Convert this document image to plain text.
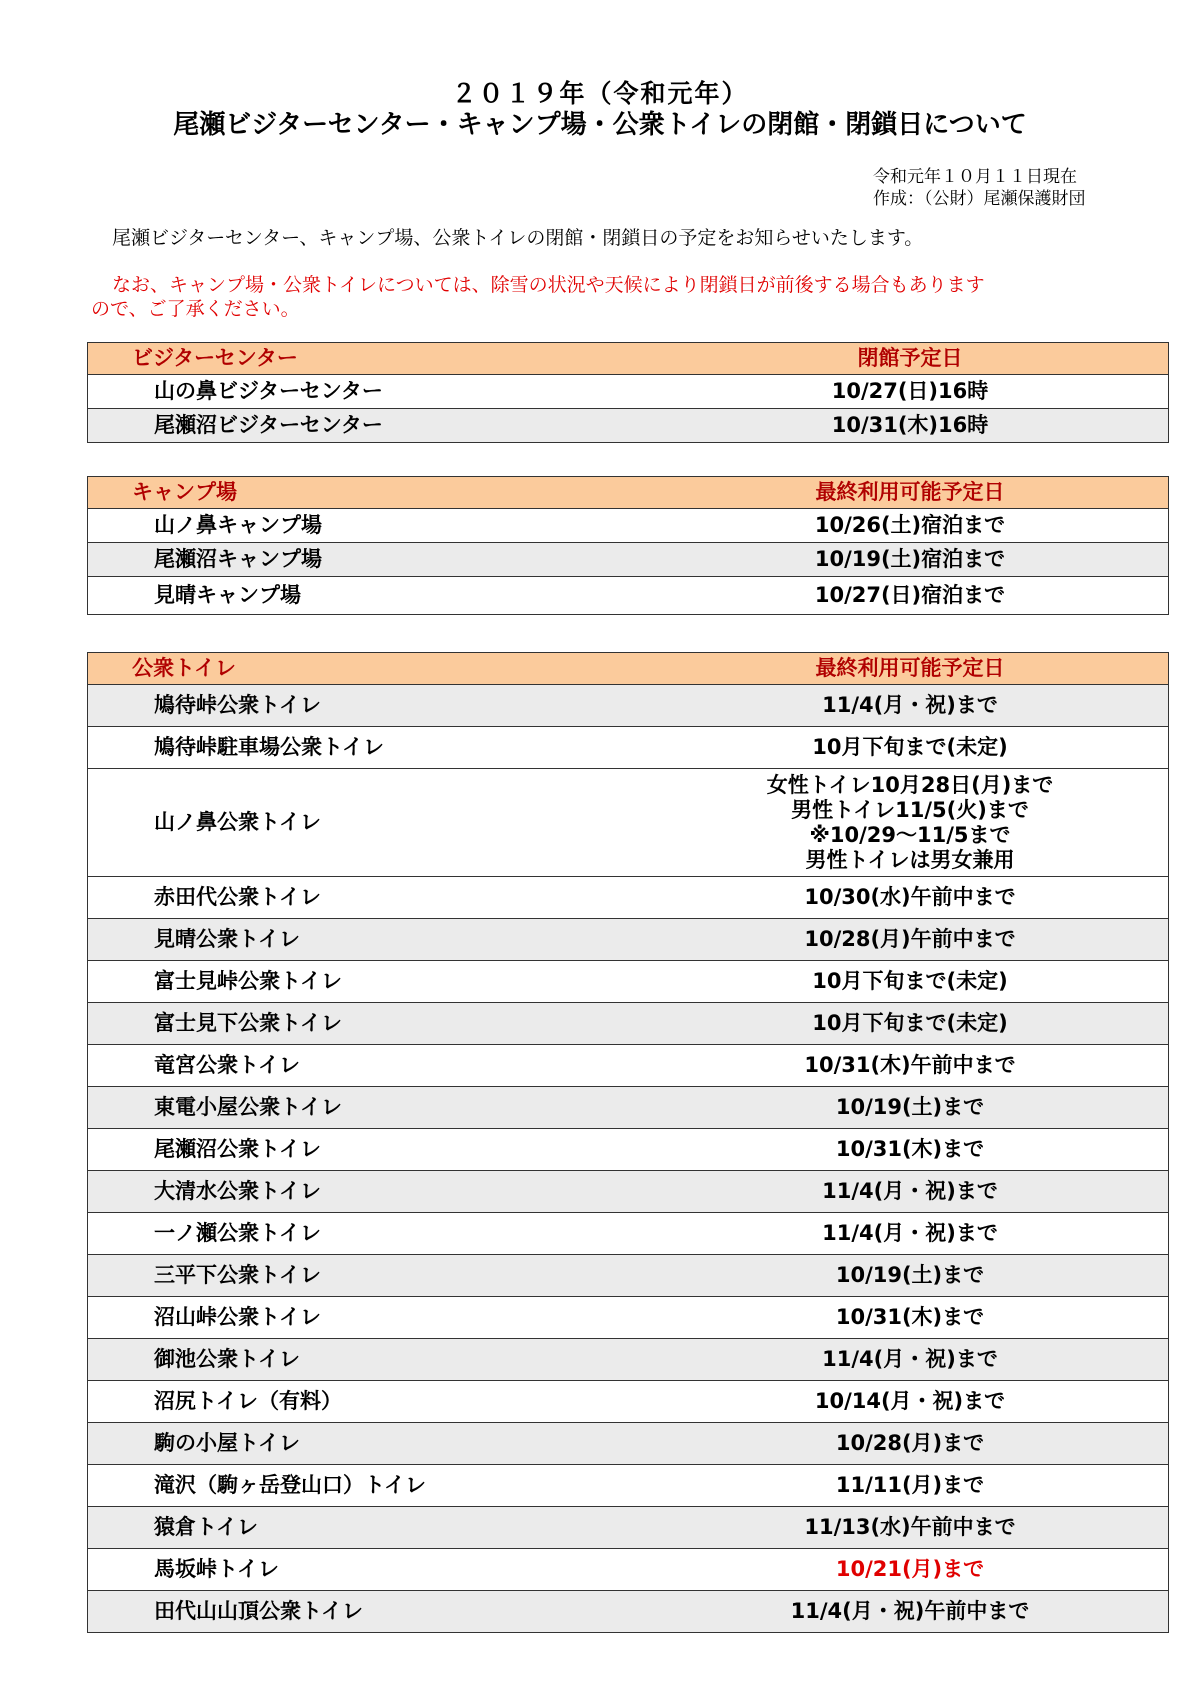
２０１９年（令和元年）
尾瀬ビジターセンター・キャンプ場・公衆トイレの閉館・閉鎖日について
令和元年１０月１１日現在
作成：（公財）尾瀬保護財団
尾瀬ビジターセンター、キャンプ場、公衆トイレの閉館・閉鎖日の予定をお知らせいたします。
なお、キャンプ場・公衆トイレについては、除雪の状況や天候により閉鎖日が前後する場合もあります
ので、ご了承ください。
ビジターセンター	閉館予定日
山の鼻ビジターセンター	10/27(日)16時
尾瀬沼ビジターセンター	10/31(木)16時
キャンプ場	最終利用可能予定日
山ノ鼻キャンプ場	10/26(土)宿泊まで
尾瀬沼キャンプ場	10/19(土)宿泊まで
見晴キャンプ場	10/27(日)宿泊まで
公衆トイレ	最終利用可能予定日
鳩待峠公衆トイレ	11/4(月・祝)まで
鳩待峠駐車場公衆トイレ	10月下旬まで(未定)
山ノ鼻公衆トイレ	女性トイレ10月28日(月)まで
男性トイレ11/5(火)まで
※10/29～11/5まで
男性トイレは男女兼用

赤田代公衆トイレ	10/30(水)午前中まで
見晴公衆トイレ	10/28(月)午前中まで
富士見峠公衆トイレ	10月下旬まで(未定)
富士見下公衆トイレ	10月下旬まで(未定)
竜宮公衆トイレ	10/31(木)午前中まで
東電小屋公衆トイレ	10/19(土)まで
尾瀬沼公衆トイレ	10/31(木)まで
大清水公衆トイレ	11/4(月・祝)まで
一ノ瀬公衆トイレ	11/4(月・祝)まで
三平下公衆トイレ	10/19(土)まで
沼山峠公衆トイレ	10/31(木)まで
御池公衆トイレ	11/4(月・祝)まで
沼尻トイレ（有料）	10/14(月・祝)まで
駒の小屋トイレ	10/28(月)まで
滝沢（駒ヶ岳登山口）トイレ	11/11(月)まで
猿倉トイレ	11/13(水)午前中まで
馬坂峠トイレ	10/21(月)まで
田代山山頂公衆トイレ	11/4(月・祝)午前中まで
